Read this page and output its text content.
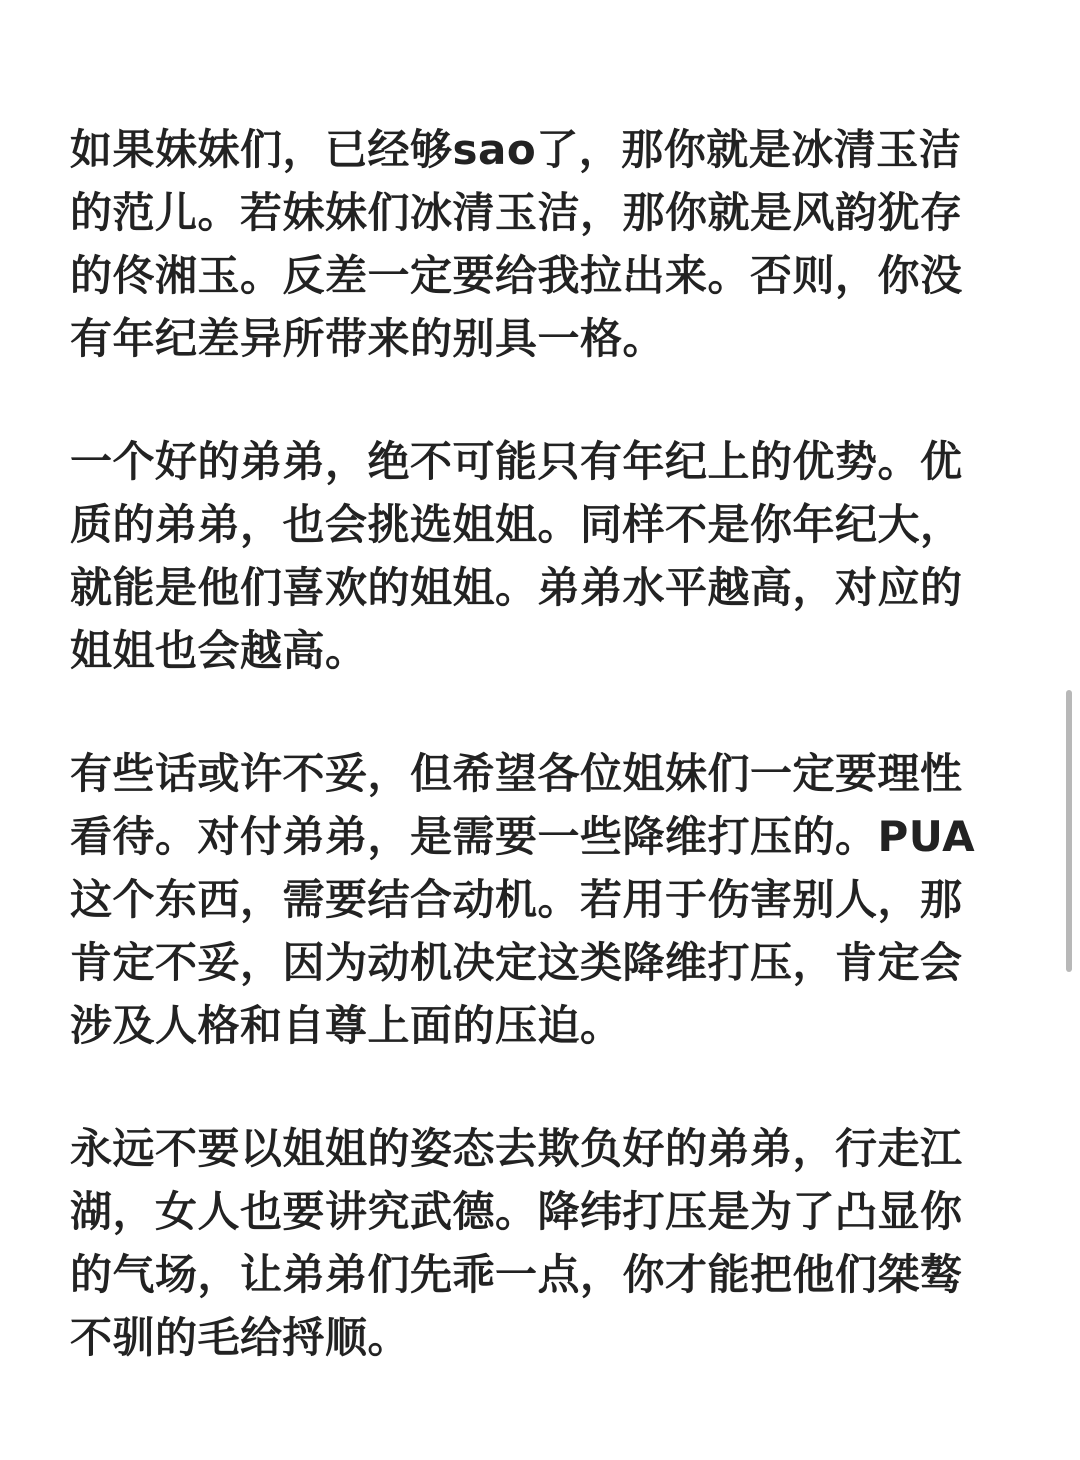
如果妹妹们，已经够sao了，那你就是冰清玉洁的范儿。若妹妹们冰清玉洁，那你就是风韵犹存的佟湘玉。反差一定要给我拉出来。否则，你没有年纪差异所带来的别具一格。

一个好的弟弟，绝不可能只有年纪上的优势。优质的弟弟，也会挑选姐姐。同样不是你年纪大，就能是他们喜欢的姐姐。弟弟水平越高，对应的姐姐也会越高。

有些话或许不妥，但希望各位姐妹们一定要理性看待。对付弟弟，是需要一些降维打压的。PUA这个东西，需要结合动机。若用于伤害别人，那肯定不妥，因为动机决定这类降维打压，肯定会涉及人格和自尊上面的压迫。

永远不要以姐姐的姿态去欺负好的弟弟，行走江湖，女人也要讲究武德。降纬打压是为了凸显你的气场，让弟弟们先乖一点，你才能把他们桀骜不驯的毛给捋顺。
